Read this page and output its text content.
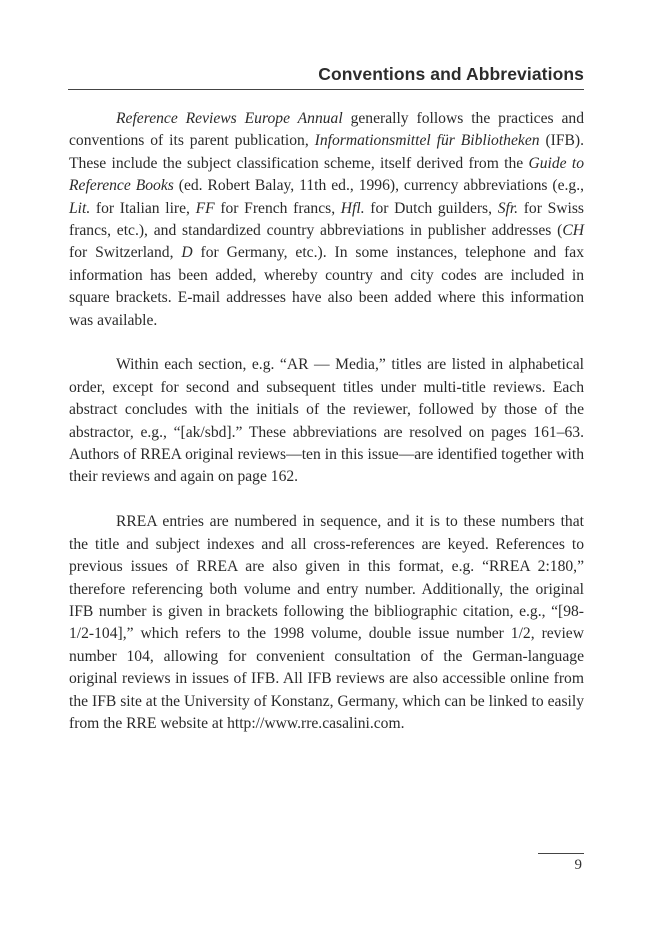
Conventions and Abbreviations

Reference Reviews Europe Annual generally follows the practices and conventions of its parent publication, Informationsmittel für Bibliotheken (IFB). These include the subject classification scheme, itself derived from the Guide to Reference Books (ed. Robert Balay, 11th ed., 1996), currency abbreviations (e.g., Lit. for Italian lire, FF for French francs, Hfl. for Dutch guilders, Sfr. for Swiss francs, etc.), and standardized country abbreviations in publisher addresses (CH for Switzerland, D for Germany, etc.). In some instances, telephone and fax information has been added, whereby country and city codes are included in square brackets. E-mail addresses have also been added where this information was available.

Within each section, e.g. “AR — Media,” titles are listed in alphabetical order, except for second and subsequent titles under multi-title reviews. Each abstract concludes with the initials of the reviewer, followed by those of the abstractor, e.g., “[ak/sbd].” These abbreviations are resolved on pages 161–63. Authors of RREA original reviews—ten in this issue—are identified together with their reviews and again on page 162.

RREA entries are numbered in sequence, and it is to these numbers that the title and subject indexes and all cross-references are keyed. References to previous issues of RREA are also given in this format, e.g. “RREA 2:180,” therefore referencing both volume and entry number. Additionally, the original IFB number is given in brackets following the bibliographic citation, e.g., “[98-1/2-104],” which refers to the 1998 volume, double issue number 1/2, review number 104, allowing for convenient consultation of the German-language original reviews in issues of IFB. All IFB reviews are also accessible online from the IFB site at the University of Konstanz, Germany, which can be linked to easily from the RRE website at http://www.rre.casalini.com.

9
